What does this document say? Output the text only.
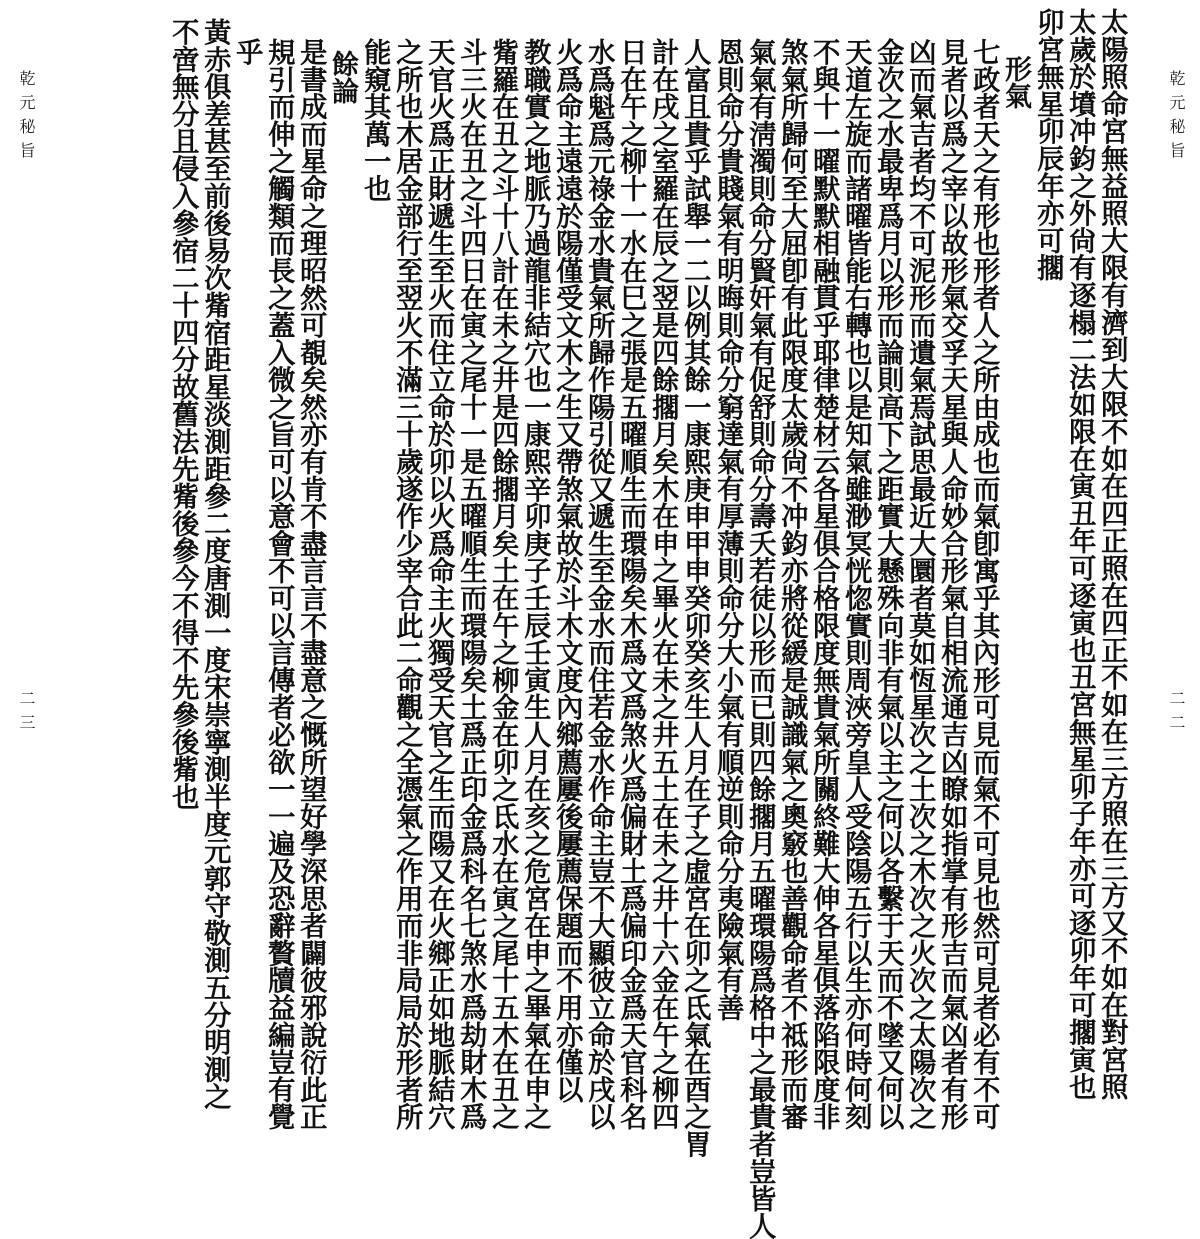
乾元秘旨
二二
乾元秘旨
二三	太陽照命宮無益照大限有濟到大限不如在四正照在四正不如在三方照在三方又不如在對宮照
太歲於墳冲鈞之外尙有逐榻二法如限在寅丑年可逐寅也丑宮無星卯子年亦可逐卯年可擱寅也
卯宮無星卯辰年亦可擱
形氣
七政者天之有形也形者人之所由成也而氣卽寓乎其內形可見而氣不可見也然可見者必有不可
見者以爲之宰以故形氣交孚天星與人命妙合形氣自相流通吉凶瞭如指掌有形吉而氣凶者有形
凶而氣吉者均不可泥形而遺氣焉試思最近大圜者莫如恆星次之土次之木次之火次之太陽次之
金次之水最卑爲月以形而論則高下之距實大懸殊向非有氣以主之何以各繫于天而不墜又何以
天道左旋而諸曜皆能右轉也以是知氣雖渺冥恍惚實則周浹旁皇人受陰陽五行以生亦何時何刻
不與十一曜默默相融貫乎耶律楚材云各星俱合格限度無貴氣所關終難大伸各星俱落陷限度非
煞氣所歸何至大屈卽有此限度太歲尙不冲鈞亦將從緩是誠識氣之奧竅也善觀命者不祗形而審
氣氣有淸濁則命分賢奸氣有促舒則命分壽夭若徒以形而已則四餘擱月五曜環陽爲格中之最貴者豈皆人
恩則命分貴賤氣有明晦則命分窮達氣有厚薄則命分大小氣有順逆則命分夷險氣有善
人富且貴乎試舉一二以例其餘一康熙庚申甲申癸卯癸亥生人月在子之虛宮在卯之氐氣在酉之胃
計在戌之室羅在辰之翌是四餘擱月矣木在申之畢火在未之井五土在未之井十六金在午之柳四
日在午之柳十一水在巳之張是五曜順生而環陽矣木爲文爲煞火爲偏財土爲偏印金爲天官科名
水爲魁爲元祿金水貴氣所歸作陽引從又遞生至金水而住若金水作命主豈不大顯彼立命於戌以
火爲命主遠遠於陽僅受文木之生又帶煞氣故於斗木文度內鄉薦屢後屢薦保題而不用亦僅以
教職實之地脈乃過龍非結穴也一康熙辛卯庚子壬辰壬寅生人月在亥之危宮在申之畢氣在申之
觜羅在丑之斗十八計在未之井是四餘擱月矣土在午之柳金在卯之氐水在寅之尾十五木在丑之
斗三火在丑之斗四日在寅之尾十一是五曜順生而環陽矣土爲正印金爲科名七煞水爲劫財木爲
天官火爲正財遞生至火而住立命於卯以火爲命主火獨受天官之生而陽又在火鄉正如地脈結穴
之所也木居金部行至翌火不滿三十歲遂作少宰合此二命觀之全憑氣之作用而非局局於形者所
能窺其萬一也
餘論
是書成而星命之理昭然可覩矣然亦有肯不盡言言不盡意之慨所望好學深思者闢彼邪說衍此正
規引而伸之觸類而長之蓋入微之旨可以意會不可以言傳者必欲一一遍及恐辭贅牘益編豈有覺
乎
黃赤俱差甚至前後易次觜宿距星淡測距參二度唐測一度宋崇寧測半度元郭守敬測五分明測之
不啻無分且侵入參宿二十四分故舊法先觜後參今不得不先參後觜也
